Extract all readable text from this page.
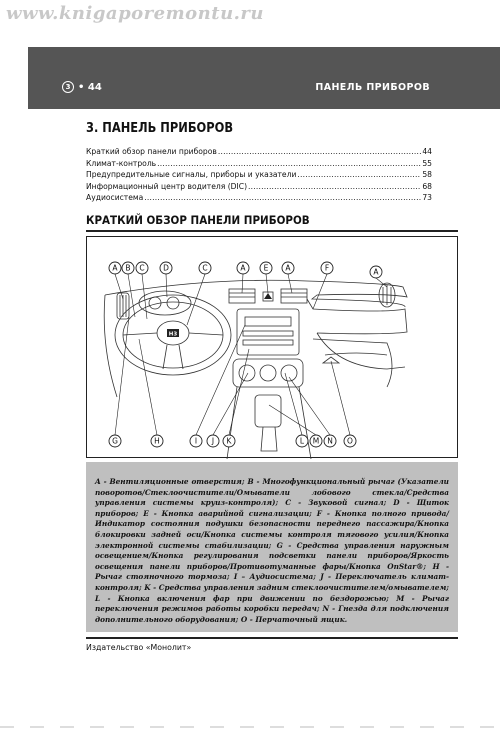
www.knigaporemontu.ru
3 • 44	ПАНЕЛЬ ПРИБОРОВ
3. ПАНЕЛЬ ПРИБОРОВ
Краткий обзор панели приборов .....	44
Климат-контроль .....	55
Предупредительные сигналы, приборы и указатели .....	58
Информационный центр водителя (DIC) .....	68
Аудиосистема .....	73
КРАТКИЙ ОБЗОР ПАНЕЛИ ПРИБОРОВ
H3
A B C D	C	A E A	F	A
G	H	I J K	L M N O

A - Вентиляционные отверстия; B - Многофункциональный рычаг (Указатели поворотов/Стеклоочистители/Омыватели лобового стекла/Средства управления системы круиз-контроля); C - Звуковой сигнал; D - Щиток приборов; E - Кнопка аварийной сигнализации; F - Кнопка полного привода/Индикатор состояния подушки безопасности переднего пассажира/Кнопка блокировки задней оси/Кнопка системы контроля тягового усилия/Кнопка электронной системы стабилизации; G - Средства управления наружным освещением/Кнопка регулирования подсветки панели приборов/Яркость освещения панели приборов/Противотуманные фары/Кнопка OnStar®; H - Рычаг стояночного тормоза; I – Аудиосистема; J - Переключатель климат-контроля; K - Средства управления задним стеклоочистителем/омывателем; L - Кнопка включения фар при движении по бездорожью; M - Рычаг переключения режимов работы коробки передач; N - Гнезда для подключения дополнительного оборудования; O - Перчаточный ящик.

Издательство «Монолит»
